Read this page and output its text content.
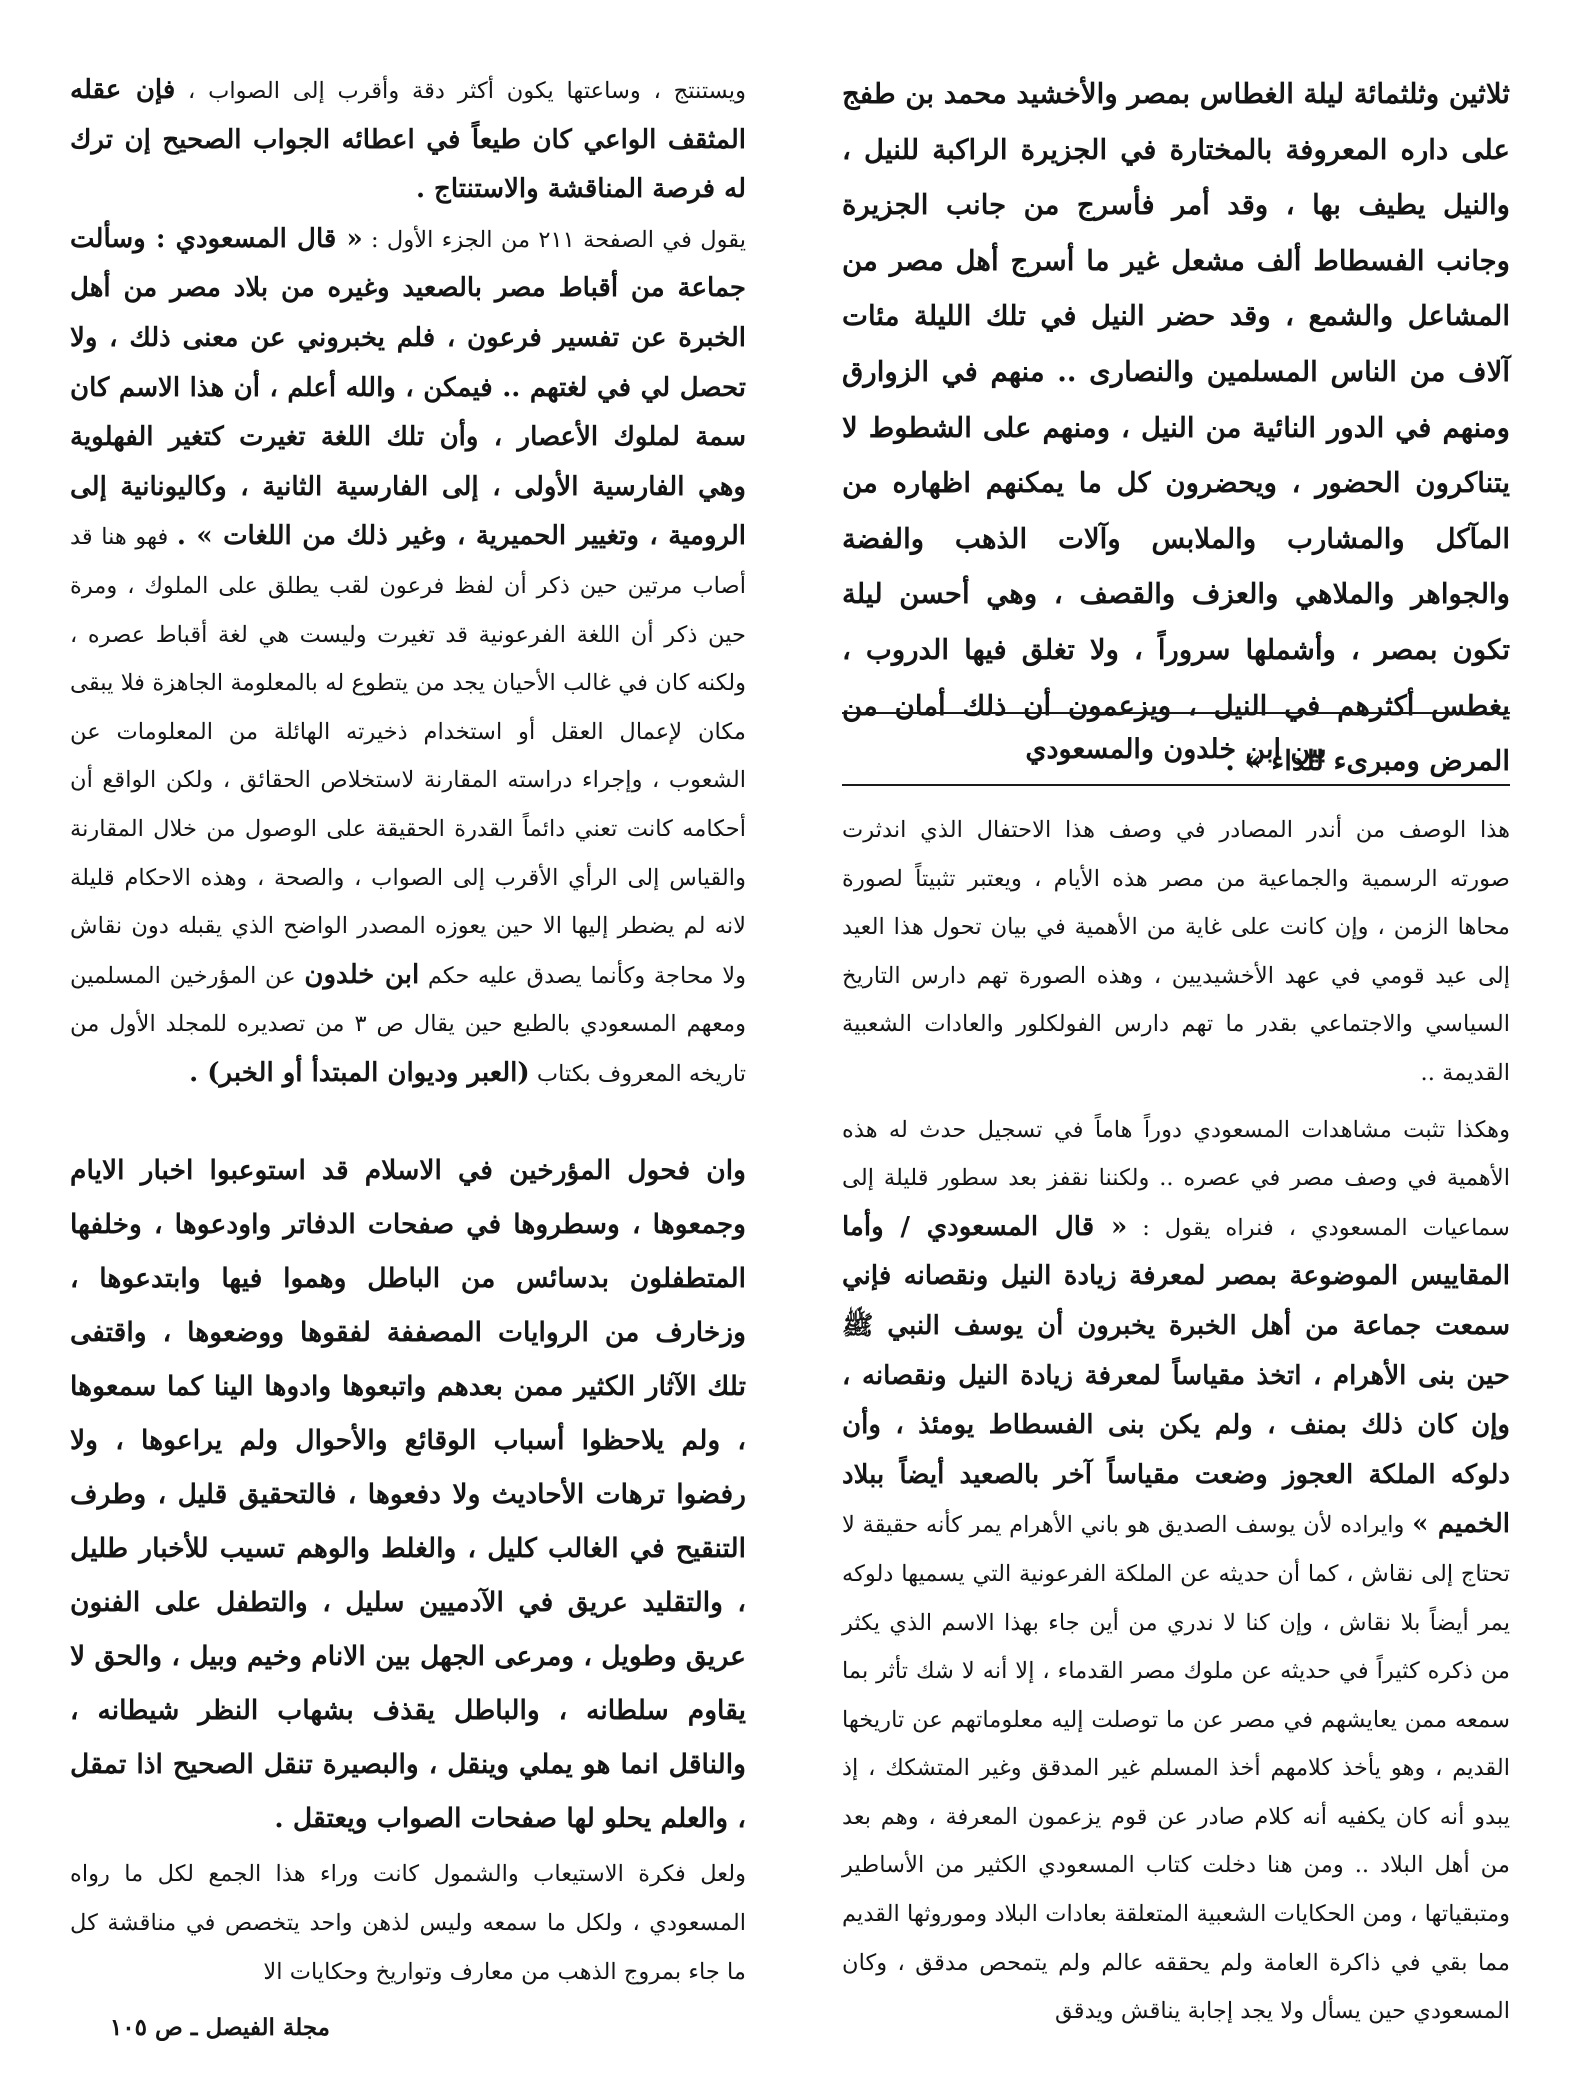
ثلاثين وثلثمائة ليلة الغطاس بمصر والأخشيد محمد بن طفج على داره المعروفة بالمختارة في الجزيرة الراكبة للنيل ، والنيل يطيف بها ، وقد أمر فأسرج من جانب الجزيرة وجانب الفسطاط ألف مشعل غير ما أسرج أهل مصر من المشاعل والشمع ، وقد حضر النيل في تلك الليلة مئات آلاف من الناس المسلمين والنصارى .. منهم في الزوارق ومنهم في الدور النائية من النيل ، ومنهم على الشطوط لا يتناكرون الحضور ، ويحضرون كل ما يمكنهم اظهاره من المآكل والمشارب والملابس وآلات الذهب والفضة والجواهر والملاهي والعزف والقصف ، وهي أحسن ليلة تكون بمصر ، وأشملها سروراً ، ولا تغلق فيها الدروب ، يغطس أكثرهم في النيل ، ويزعمون أن ذلك أمان من المرض ومبرىء للداء » .

بين ابن خلدون والمسعودي

هذا الوصف من أندر المصادر في وصف هذا الاحتفال الذي اندثرت صورته الرسمية والجماعية من مصر هذه الأيام ، ويعتبر تثبيتاً لصورة محاها الزمن ، وإن كانت على غاية من الأهمية في بيان تحول هذا العيد إلى عيد قومي في عهد الأخشيديين ، وهذه الصورة تهم دارس التاريخ السياسي والاجتماعي بقدر ما تهم دارس الفولكلور والعادات الشعبية القديمة ..

وهكذا تثبت مشاهدات المسعودي دوراً هاماً في تسجيل حدث له هذه الأهمية في وصف مصر في عصره .. ولكننا نقفز بعد سطور قليلة إلى سماعيات المسعودي ، فنراه يقول : « قال المسعودي / وأما المقاييس الموضوعة بمصر لمعرفة زيادة النيل ونقصانه فإني سمعت جماعة من أهل الخبرة يخبرون أن يوسف النبي ﷺ حين بنى الأهرام ، اتخذ مقياساً لمعرفة زيادة النيل ونقصانه ، وإن كان ذلك بمنف ، ولم يكن بنى الفسطاط يومئذ ، وأن دلوكه الملكة العجوز وضعت مقياساً آخر بالصعيد أيضاً ببلاد الخميم » وايراده لأن يوسف الصديق هو باني الأهرام يمر كأنه حقيقة لا تحتاج إلى نقاش ، كما أن حديثه عن الملكة الفرعونية التي يسميها دلوكه يمر أيضاً بلا نقاش ، وإن كنا لا ندري من أين جاء بهذا الاسم الذي يكثر من ذكره كثيراً في حديثه عن ملوك مصر القدماء ، إلا أنه لا شك تأثر بما سمعه ممن يعايشهم في مصر عن ما توصلت إليه معلوماتهم عن تاريخها القديم ، وهو يأخذ كلامهم أخذ المسلم غير المدقق وغير المتشكك ، إذ يبدو أنه كان يكفيه أنه كلام صادر عن قوم يزعمون المعرفة ، وهم بعد من أهل البلاد .. ومن هنا دخلت كتاب المسعودي الكثير من الأساطير ومتبقياتها ، ومن الحكايات الشعبية المتعلقة بعادات البلاد وموروثها القديم مما بقي في ذاكرة العامة ولم يحققه عالم ولم يتمحص مدقق ، وكان المسعودي حين يسأل ولا يجد إجابة يناقش ويدقق

ويستنتج ، وساعتها يكون أكثر دقة وأقرب إلى الصواب ، فإن عقله المثقف الواعي كان طيعاً في اعطائه الجواب الصحيح إن ترك له فرصة المناقشة والاستنتاج .

يقول في الصفحة ٢١١ من الجزء الأول : « قال المسعودي : وسألت جماعة من أقباط مصر بالصعيد وغيره من بلاد مصر من أهل الخبرة عن تفسير فرعون ، فلم يخبروني عن معنى ذلك ، ولا تحصل لي في لغتهم .. فيمكن ، والله أعلم ، أن هذا الاسم كان سمة لملوك الأعصار ، وأن تلك اللغة تغيرت كتغير الفهلوية وهي الفارسية الأولى ، إلى الفارسية الثانية ، وكاليونانية إلى الرومية ، وتغيير الحميرية ، وغير ذلك من اللغات » . فهو هنا قد أصاب مرتين حين ذكر أن لفظ فرعون لقب يطلق على الملوك ، ومرة حين ذكر أن اللغة الفرعونية قد تغيرت وليست هي لغة أقباط عصره ، ولكنه كان في غالب الأحيان يجد من يتطوع له بالمعلومة الجاهزة فلا يبقى مكان لإعمال العقل أو استخدام ذخيرته الهائلة من المعلومات عن الشعوب ، وإجراء دراسته المقارنة لاستخلاص الحقائق ، ولكن الواقع أن أحكامه كانت تعني دائماً القدرة الحقيقة على الوصول من خلال المقارنة والقياس إلى الرأي الأقرب إلى الصواب ، والصحة ، وهذه الاحكام قليلة لانه لم يضطر إليها الا حين يعوزه المصدر الواضح الذي يقبله دون نقاش ولا محاجة وكأنما يصدق عليه حكم ابن خلدون عن المؤرخين المسلمين ومعهم المسعودي بالطبع حين يقال ص ٣ من تصديره للمجلد الأول من تاريخه المعروف بكتاب (العبر وديوان المبتدأ أو الخبر) .

وان فحول المؤرخين في الاسلام قد استوعبوا اخبار الايام وجمعوها ، وسطروها في صفحات الدفاتر واودعوها ، وخلفها المتطفلون بدسائس من الباطل وهموا فيها وابتدعوها ، وزخارف من الروايات المصففة لفقوها ووضعوها ، واقتفى تلك الآثار الكثير ممن بعدهم واتبعوها وادوها الينا كما سمعوها ، ولم يلاحظوا أسباب الوقائع والأحوال ولم يراعوها ، ولا رفضوا ترهات الأحاديث ولا دفعوها ، فالتحقيق قليل ، وطرف التنقيح في الغالب كليل ، والغلط والوهم تسيب للأخبار طليل ، والتقليد عريق في الآدميين سليل ، والتطفل على الفنون عريق وطويل ، ومرعى الجهل بين الانام وخيم وبيل ، والحق لا يقاوم سلطانه ، والباطل يقذف بشهاب النظر شيطانه ، والناقل انما هو يملي وينقل ، والبصيرة تنقل الصحيح اذا تمقل ، والعلم يحلو لها صفحات الصواب ويعتقل .

ولعل فكرة الاستيعاب والشمول كانت وراء هذا الجمع لكل ما رواه المسعودي ، ولكل ما سمعه وليس لذهن واحد يتخصص في مناقشة كل ما جاء بمروج الذهب من معارف وتواريخ وحكايات الا

مجلة الفيصل ـ ص ١٠٥
